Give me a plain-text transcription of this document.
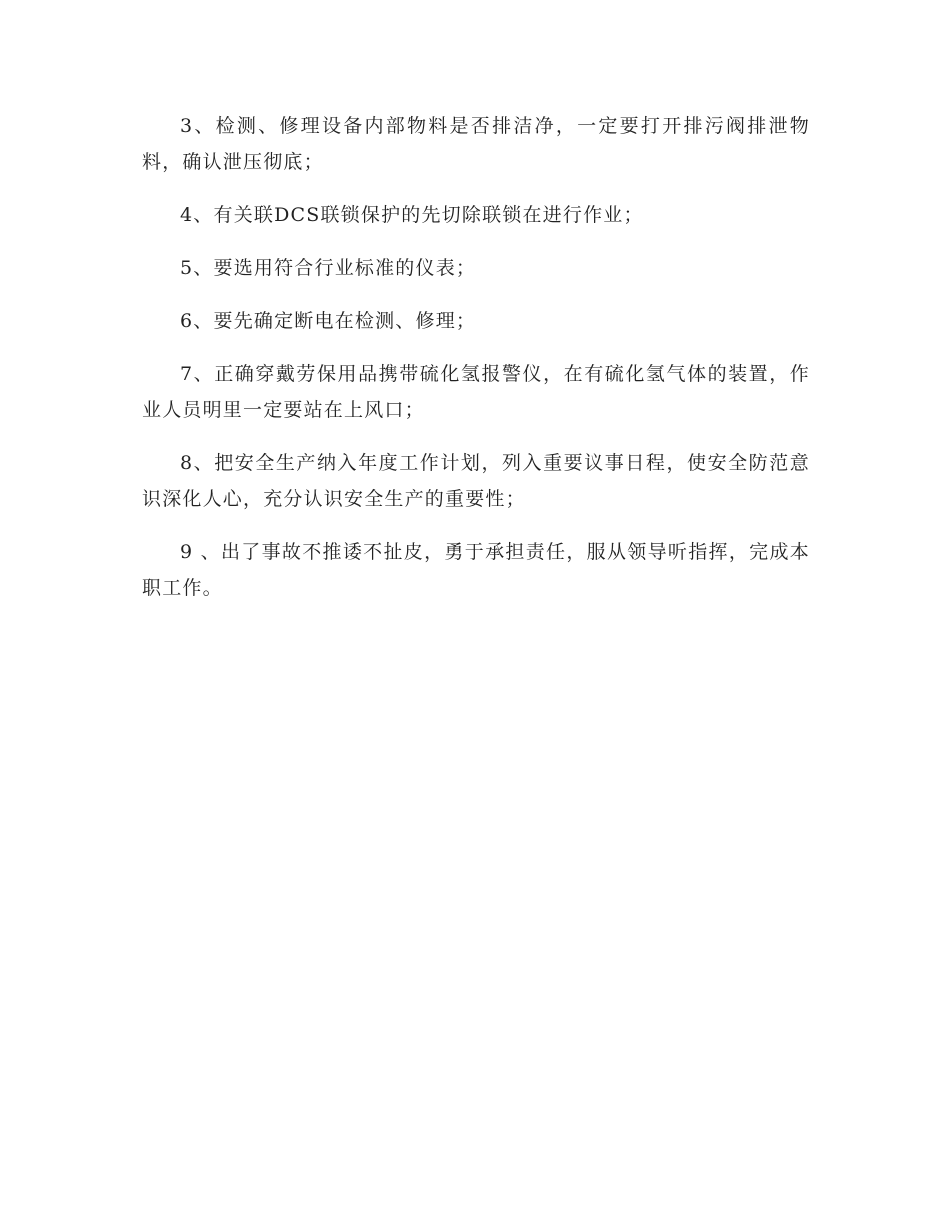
3、检测、修理设备内部物料是否排洁净，一定要打开排污阀排泄物料，确认泄压彻底；

4、有关联DCS联锁保护的先切除联锁在进行作业；

5、要选用符合行业标准的仪表；

6、要先确定断电在检测、修理；

7、正确穿戴劳保用品携带硫化氢报警仪，在有硫化氢气体的装置，作业人员明里一定要站在上风口；

8、把安全生产纳入年度工作计划，列入重要议事日程，使安全防范意识深化人心，充分认识安全生产的重要性；

9 、出了事故不推诿不扯皮，勇于承担责任，服从领导听指挥，完成本职工作。
